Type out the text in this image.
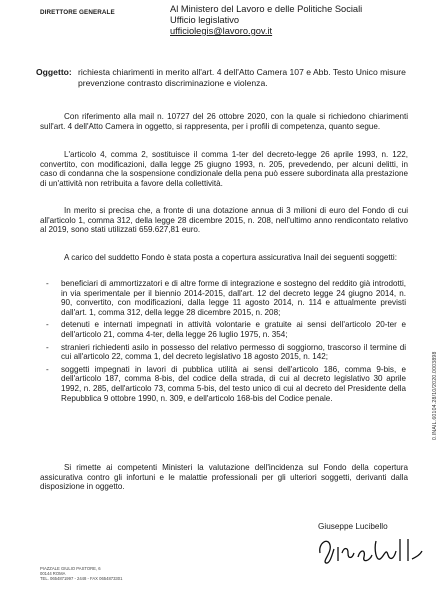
DIRETTORE GENERALE	Al Ministero del Lavoro e delle Politiche Sociali
Ufficio legislativo
ufficiolegis@lavoro.gov.it
Oggetto: richiesta chiarimenti in merito all'art. 4 dell'Atto Camera 107 e Abb. Testo Unico misure prevenzione contrasto discriminazione e violenza.

Con riferimento alla mail n. 10727 del 26 ottobre 2020, con la quale si richiedono chiarimenti sull'art. 4 dell'Atto Camera in oggetto, si rappresenta, per i profili di competenza, quanto segue.

L'articolo 4, comma 2, sostituisce il comma 1-ter del decreto-legge 26 aprile 1993, n. 122, convertito, con modificazioni, dalla legge 25 giugno 1993, n. 205, prevedendo, per alcuni delitti, in caso di condanna che la sospensione condizionale della pena può essere subordinata alla prestazione di un'attività non retribuita a favore della collettività.

In merito si precisa che, a fronte di una dotazione annua di 3 milioni di euro del Fondo di cui all'articolo 1, comma 312, della legge 28 dicembre 2015, n. 208, nell'ultimo anno rendicontato relativo al 2019, sono stati utilizzati 659.627,81 euro.

A carico del suddetto Fondo è stata posta a copertura assicurativa Inail dei seguenti soggetti:

- beneficiari di ammortizzatori e di altre forme di integrazione e sostegno del reddito già introdotti, in via sperimentale per il biennio 2014-2015, dall'art. 12 del decreto legge 24 giugno 2014, n. 90, convertito, con modificazioni, dalla legge 11 agosto 2014, n. 114 e attualmente previsti dall'art. 1, comma 312, della legge 28 dicembre 2015, n. 208;
- detenuti e internati impegnati in attività volontarie e gratuite ai sensi dell'articolo 20-ter e dell'articolo 21, comma 4-ter, della legge 26 luglio 1975, n. 354;
- stranieri richiedenti asilo in possesso del relativo permesso di soggiorno, trascorso il termine di cui all'articolo 22, comma 1, del decreto legislativo 18 agosto 2015, n. 142;
- soggetti impegnati in lavori di pubblica utilità ai sensi dell'articolo 186, comma 9-bis, e dell'articolo 187, comma 8-bis, del codice della strada, di cui al decreto legislativo 30 aprile 1992, n. 285, dell'articolo 73, comma 5-bis, del testo unico di cui al decreto del Presidente della Repubblica 9 ottobre 1990, n. 309, e dell'articolo 168-bis del Codice penale.

Si rimette ai competenti Ministeri la valutazione dell'incidenza sul Fondo della copertura assicurativa contro gli infortuni e le malattie professionali per gli ulteriori soggetti, derivanti dalla disposizione in oggetto.

Giuseppe Lucibello
PIAZZALE GIULIO PASTORE, 6
00144 ROMA
TEL. 0654871997 - 2448 - FAX 0654873301
0.INAIL.60104.28/10/2020.0003898
